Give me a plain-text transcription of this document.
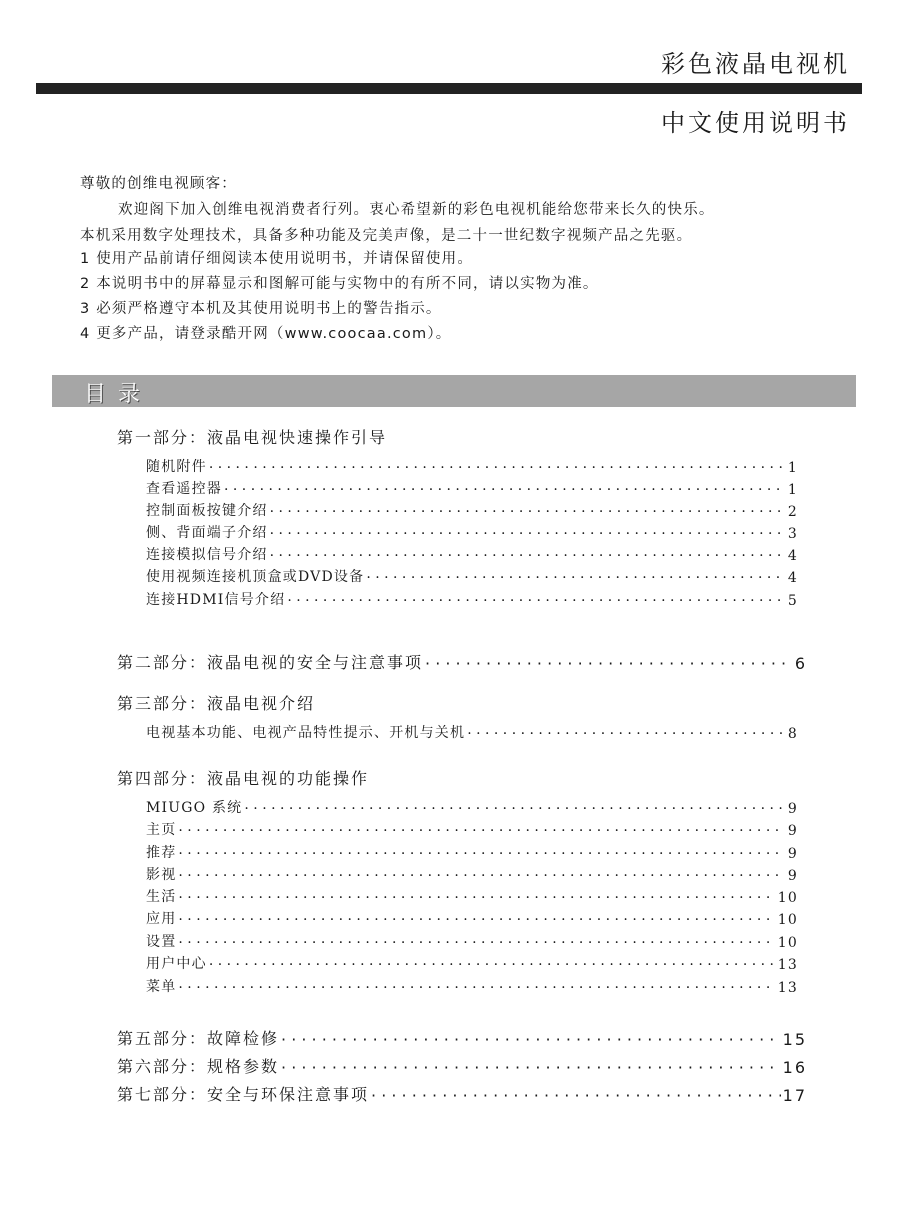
彩色液晶电视机
中文使用说明书
尊敬的创维电视顾客：
欢迎阁下加入创维电视消费者行列。衷心希望新的彩色电视机能给您带来长久的快乐。
本机采用数字处理技术，具备多种功能及完美声像，是二十一世纪数字视频产品之先驱。
1 使用产品前请仔细阅读本使用说明书，并请保留使用。
2 本说明书中的屏幕显示和图解可能与实物中的有所不同，请以实物为准。
3 必须严格遵守本机及其使用说明书上的警告指示。
4 更多产品，请登录酷开网（www.coocaa.com）。
目录
第一部分：液晶电视快速操作引导
随机附件 · · ·	1
查看遥控器 · · ·	1
控制面板按键介绍 · · ·	2
侧、背面端子介绍 · · ·	3
连接模拟信号介绍 · · ·	4
使用视频连接机顶盒或DVD设备 · · ·	4
连接HDMI信号介绍 · · ·	5
第二部分：液晶电视的安全与注意事项 · · ·	6
第三部分：液晶电视介绍
电视基本功能、电视产品特性提示、开机与关机 · · ·	8
第四部分：液晶电视的功能操作
MIUGO 系统 · · ·	9
主页 · · ·	9
推荐 · · ·	9
影视 · · ·	9
生活 · · ·	10
应用 · · ·	10
设置 · · ·	10
用户中心 · · ·	13
菜单 · · ·	13
第五部分：故障检修 · · ·	15
第六部分：规格参数 · · ·	16
第七部分：安全与环保注意事项 · · ·	17
